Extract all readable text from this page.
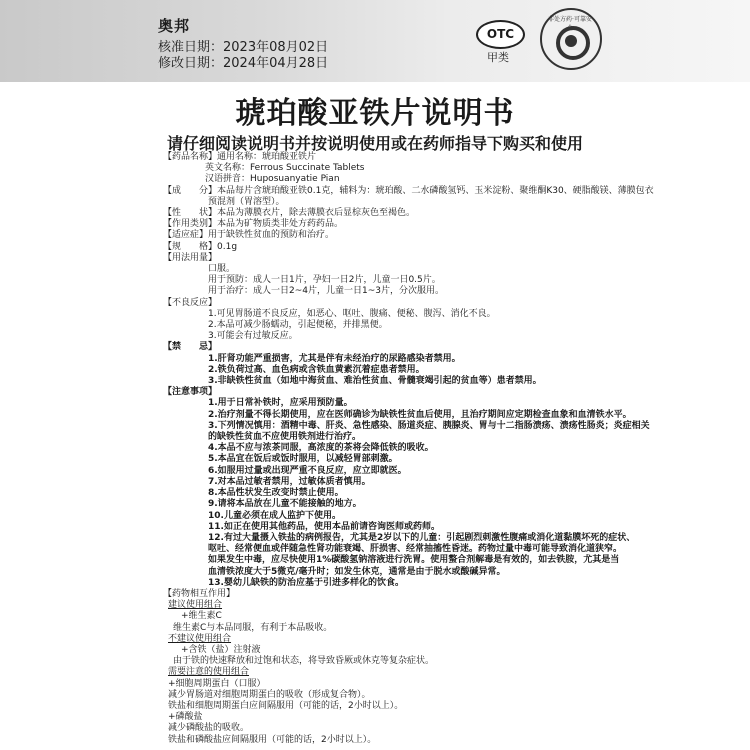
奥邦
核准日期：2023年08月02日
修改日期：2024年04月28日
OTC
甲类
非处方药·可靠安全
琥珀酸亚铁片说明书
请仔细阅读说明书并按说明使用或在药师指导下购买和使用
【药品名称】通用名称：琥珀酸亚铁片
英文名称：Ferrous Succinate Tablets
汉语拼音：Huposuanyatie Pian
【成　　分】本品每片含琥珀酸亚铁0.1克，辅料为：琥珀酸、二水磷酸氢钙、玉米淀粉、聚维酮K30、硬脂酸镁、薄膜包衣
预混剂（胃溶型）。
【性　　状】本品为薄膜衣片，除去薄膜衣后显棕灰色至褐色。
【作用类别】本品为矿物质类非处方药药品。
【适应症】用于缺铁性贫血的预防和治疗。
【规　　格】0.1g
【用法用量】
口服。
用于预防：成人一日1片，孕妇一日2片，儿童一日0.5片。
用于治疗：成人一日2~4片，儿童一日1~3片，分次服用。
【不良反应】
1.可见胃肠道不良反应，如恶心、呕吐、腹痛、便秘、腹泻、消化不良。
2.本品可减少肠蠕动，引起便秘，并排黑便。
3.可能会有过敏反应。
【禁　　忌】
1.肝肾功能严重损害，尤其是伴有未经治疗的尿路感染者禁用。
2.铁负荷过高、血色病或含铁血黄素沉着症患者禁用。
3.非缺铁性贫血（如地中海贫血、难治性贫血、骨髓衰竭引起的贫血等）患者禁用。
【注意事项】
1.用于日常补铁时，应采用预防量。
2.治疗剂量不得长期使用，应在医师确诊为缺铁性贫血后使用，且治疗期间应定期检查血象和血清铁水平。
3.下列情况慎用：酒精中毒、肝炎、急性感染、肠道炎症、胰腺炎、胃与十二指肠溃疡、溃疡性肠炎；炎症相关
的缺铁性贫血不应使用铁剂进行治疗。
4.本品不应与浓茶同服，高浓度的茶将会降低铁的吸收。
5.本品宜在饭后或饭时服用，以减轻胃部刺激。
6.如服用过量或出现严重不良反应，应立即就医。
7.对本品过敏者禁用，过敏体质者慎用。
8.本品性状发生改变时禁止使用。
9.请将本品放在儿童不能接触的地方。
10.儿童必须在成人监护下使用。
11.如正在使用其他药品，使用本品前请咨询医师或药师。
12.有过大量摄入铁盐的病例报告，尤其是2岁以下的儿童：引起剧烈刺激性腹痛或消化道黏膜坏死的症状、
呕吐、经常便血或伴随急性肾功能衰竭、肝损害、经常抽搐性昏迷。药物过量中毒可能导致消化道狭窄。
如果发生中毒，应尽快使用1%碳酸氢钠溶液进行洗胃。使用螯合剂解毒是有效的，如去铁胺，尤其是当
血清铁浓度大于5微克/毫升时；如发生休克，通常是由于脱水或酸碱异常。
13.婴幼儿缺铁的防治应基于引进多样化的饮食。
【药物相互作用】
建议使用组合
+维生素C
维生素C与本品同服，有利于本品吸收。
不建议使用组合
+含铁（盐）注射液
由于铁的快速释放和过饱和状态，将导致昏厥或休克等复杂症状。
需要注意的使用组合
+细胞周期蛋白（口服）
减少胃肠道对细胞周期蛋白的吸收（形成复合物）。
铁盐和细胞周期蛋白应间隔服用（可能的话，2小时以上）。
+磷酸盐
减少磷酸盐的吸收。
铁盐和磷酸盐应间隔服用（可能的话，2小时以上）。
